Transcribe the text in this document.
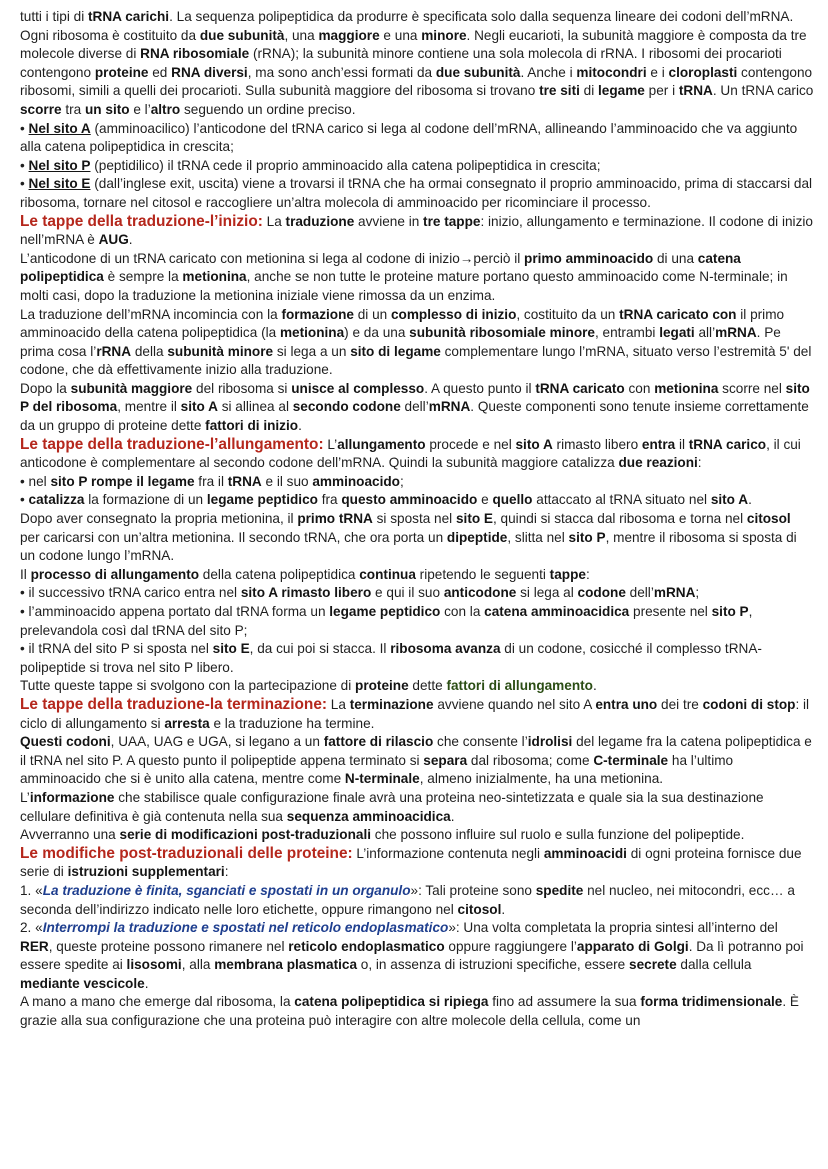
tutti i tipi di tRNA carichi. La sequenza polipeptidica da produrre è specificata solo dalla sequenza lineare dei codoni dell’mRNA.

Ogni ribosoma è costituito da due subunità, una maggiore e una minore. Negli eucarioti, la subunità maggiore è composta da tre molecole diverse di RNA ribosomiale (rRNA); la subunità minore contiene una sola molecola di rRNA. I ribosomi dei procarioti contengono proteine ed RNA diversi, ma sono anch’essi formati da due subunità. Anche i mitocondri e i cloroplasti contengono ribosomi, simili a quelli dei procarioti. Sulla subunità maggiore del ribosoma si trovano tre siti di legame per i tRNA. Un tRNA carico scorre tra un sito e l’altro seguendo un ordine preciso.

• Nel sito A (amminoacilico) l’anticodone del tRNA carico si lega al codone dell’mRNA, allineando l’amminoacido che va aggiunto alla catena polipeptidica in crescita;

• Nel sito P (peptidilico) il tRNA cede il proprio amminoacido alla catena polipeptidica in crescita;

• Nel sito E (dall’inglese exit, uscita) viene a trovarsi il tRNA che ha ormai consegnato il proprio amminoacido, prima di staccarsi dal ribosoma, tornare nel citosol e raccogliere un’altra molecola di amminoacido per ricominciare il processo.

Le tappe della traduzione-l’inizio: La traduzione avviene in tre tappe: inizio, allungamento e terminazione. Il codone di inizio nell’mRNA è AUG.

L’anticodone di un tRNA caricato con metionina si lega al codone di inizio→perciò il primo amminoacido di una catena polipeptidica è sempre la metionina, anche se non tutte le proteine mature portano questo amminoacido come N-terminale; in molti casi, dopo la traduzione la metionina iniziale viene rimossa da un enzima.

La traduzione dell’mRNA incomincia con la formazione di un complesso di inizio, costituito da un tRNA caricato con il primo amminoacido della catena polipeptidica (la metionina) e da una subunità ribosomiale minore, entrambi legati all’mRNA. Pe prima cosa l’rRNA della subunità minore si lega a un sito di legame complementare lungo l’mRNA, situato verso l’estremità 5' del codone, che dà effettivamente inizio alla traduzione.

Dopo la subunità maggiore del ribosoma si unisce al complesso. A questo punto il tRNA caricato con metionina scorre nel sito P del ribosoma, mentre il sito A si allinea al secondo codone dell’mRNA. Queste componenti sono tenute insieme correttamente da un gruppo di proteine dette fattori di inizio.

Le tappe della traduzione-l’allungamento: L’allungamento procede e nel sito A rimasto libero entra il tRNA carico, il cui anticodone è complementare al secondo codone dell’mRNA. Quindi la subunità maggiore catalizza due reazioni:

• nel sito P rompe il legame fra il tRNA e il suo amminoacido;

• catalizza la formazione di un legame peptidico fra questo amminoacido e quello attaccato al tRNA situato nel sito A.

Dopo aver consegnato la propria metionina, il primo tRNA si sposta nel sito E, quindi si stacca dal ribosoma e torna nel citosol per caricarsi con un’altra metionina. Il secondo tRNA, che ora porta un dipeptide, slitta nel sito P, mentre il ribosoma si sposta di un codone lungo l’mRNA.

Il processo di allungamento della catena polipeptidica continua ripetendo le seguenti tappe:

• il successivo tRNA carico entra nel sito A rimasto libero e qui il suo anticodone si lega al codone dell’mRNA;

• l’amminoacido appena portato dal tRNA forma un legame peptidico con la catena amminoacidica presente nel sito P, prelevandola così dal tRNA del sito P;

• il tRNA del sito P si sposta nel sito E, da cui poi si stacca. Il ribosoma avanza di un codone, cosicché il complesso tRNA-polipeptide si trova nel sito P libero.

Tutte queste tappe si svolgono con la partecipazione di proteine dette fattori di allungamento.

Le tappe della traduzione-la terminazione: La terminazione avviene quando nel sito A entra uno dei tre codoni di stop: il ciclo di allungamento si arresta e la traduzione ha termine.

Questi codoni, UAA, UAG e UGA, si legano a un fattore di rilascio che consente l’idrolisi del legame fra la catena polipeptidica e il tRNA nel sito P. A questo punto il polipeptide appena terminato si separa dal ribosoma; come C-terminale ha l’ultimo amminoacido che si è unito alla catena, mentre come N-terminale, almeno inizialmente, ha una metionina.

L’informazione che stabilisce quale configurazione finale avrà una proteina neo-sintetizzata e quale sia la sua destinazione cellulare definitiva è già contenuta nella sua sequenza amminoacidica.

Avverranno una serie di modificazioni post-traduzionali che possono influire sul ruolo e sulla funzione del polipeptide.

Le modifiche post-traduzionali delle proteine: L’informazione contenuta negli amminoacidi di ogni proteina fornisce due serie di istruzioni supplementari:

1. «La traduzione è finita, sganciati e spostati in un organulo»: Tali proteine sono spedite nel nucleo, nei mitocondri, ecc… a seconda dell’indirizzo indicato nelle loro etichette, oppure rimangono nel citosol.

2. «Interrompi la traduzione e spostati nel reticolo endoplasmatico»: Una volta completata la propria sintesi all’interno del RER, queste proteine possono rimanere nel reticolo endoplasmatico oppure raggiungere l’apparato di Golgi. Da lì potranno poi essere spedite ai lisosomi, alla membrana plasmatica o, in assenza di istruzioni specifiche, essere secrete dalla cellula mediante vescicole.

A mano a mano che emerge dal ribosoma, la catena polipeptidica si ripiega fino ad assumere la sua forma tridimensionale. È grazie alla sua configurazione che una proteina può interagire con altre molecole della cellula, come un
